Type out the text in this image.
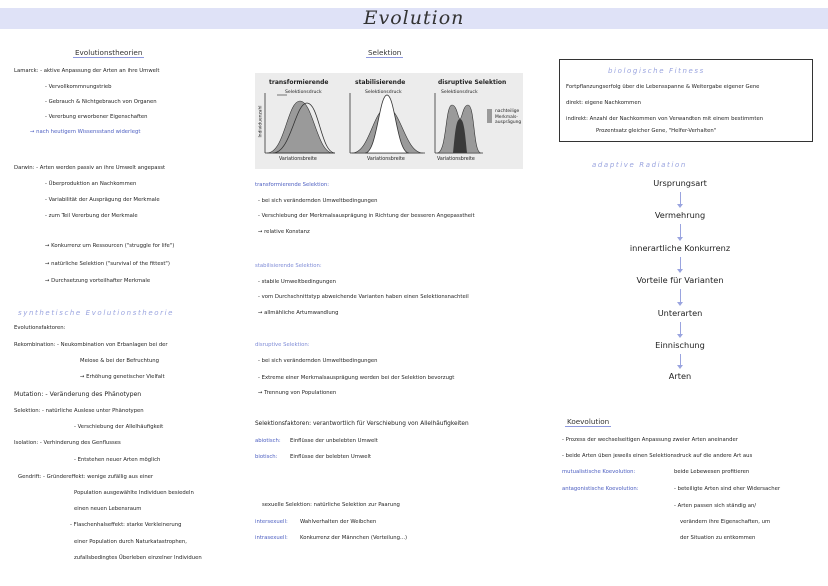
Evolution
Evolutionstheorien
Lamarck: - aktive Anpassung der Arten an ihre Umwelt
- Vervollkommnungstrieb
- Gebrauch & Nichtgebrauch von Organen
- Vererbung erworbener Eigenschaften
→ nach heutigem Wissensstand widerlegt
Darwin: - Arten werden passiv an ihre Umwelt angepasst
- Überproduktion an Nachkommen
- Variabilität der Ausprägung der Merkmale
- zum Teil Vererbung der Merkmale
→ Konkurrenz um Ressourcen ("struggle for life")
→ natürliche Selektion ("survival of the fittest")
→ Durchsetzung vorteilhafter Merkmale
synthetische Evolutionstheorie
Evolutionsfaktoren:
Rekombination: - Neukombination von Erbanlagen bei der
Meiose & bei der Befruchtung
→ Erhöhung genetischer Vielfalt
Mutation: - Veränderung des Phänotypen
Selektion: - natürliche Auslese unter Phänotypen
- Verschiebung der Allelhäufigkeit
Isolation: - Verhinderung des Genflusses
- Entstehen neuer Arten möglich
Gendrift: - Gründereffekt: wenige zufällig aus einer
Population ausgewählte Individuen besiedeln
einen neuen Lebensraum
- Flaschenhalseffekt: starke Verkleinerung
einer Population durch Naturkatastrophen,
zufallsbedingtes Überleben einzelner Individuen
Selektion
transformierende	stabilisierende	disruptive Selektion
Selektionsdruck	Selektionsdruck	Selektionsdruck
Individuenzahl
Variationsbreite	Variationsbreite	Variationsbreite
nachteilige Merkmals-ausprägung
transformierende Selektion:
- bei sich verändernden Umweltbedingungen
- Verschiebung der Merkmalsausprägung in Richtung der besseren Angepasstheit
→ relative Konstanz
stabilisierende Selektion:
- stabile Umweltbedingungen
- vom Durchschnittstyp abweichende Varianten haben einen Selektionsnachteil
→ allmähliche Artumwandlung
disruptive Selektion:
- bei sich verändernden Umweltbedingungen
- Extreme einer Merkmalsausprägung werden bei der Selektion bevorzugt
→ Trennung von Populationen
Selektionsfaktoren: verantwortlich für Verschiebung von Allelhäufigkeiten
abiotisch: Einflüsse der unbelebten Umwelt
biotisch: Einflüsse der belebten Umwelt
sexuelle Selektion: natürliche Selektion zur Paarung
intersexuell: Wahlverhalten der Weibchen
intrasexuell: Konkurrenz der Männchen (Verteilung...)
biologische Fitness
Fortpflanzungserfolg über die Lebensspanne & Weitergabe eigener Gene
direkt: eigene Nachkommen
indirekt: Anzahl der Nachkommen von Verwandten mit einem bestimmten
Prozentsatz gleicher Gene, "Helfer-Verhalten"
adaptive Radiation
Ursprungsart
Vermehrung
innerartliche Konkurrenz
Vorteile für Varianten
Unterarten
Einnischung
Arten
Koevolution
- Prozess der wechselseitigen Anpassung zweier Arten aneinander
- beide Arten üben jeweils einen Selektionsdruck auf die andere Art aus
mutualistische Koevolution:	beide Lebewesen profitieren
antagonistische Koevolution:	- beteiligte Arten sind eher Widersacher
- Arten passen sich ständig an/
verändern ihre Eigenschaften, um
der Situation zu entkommen
